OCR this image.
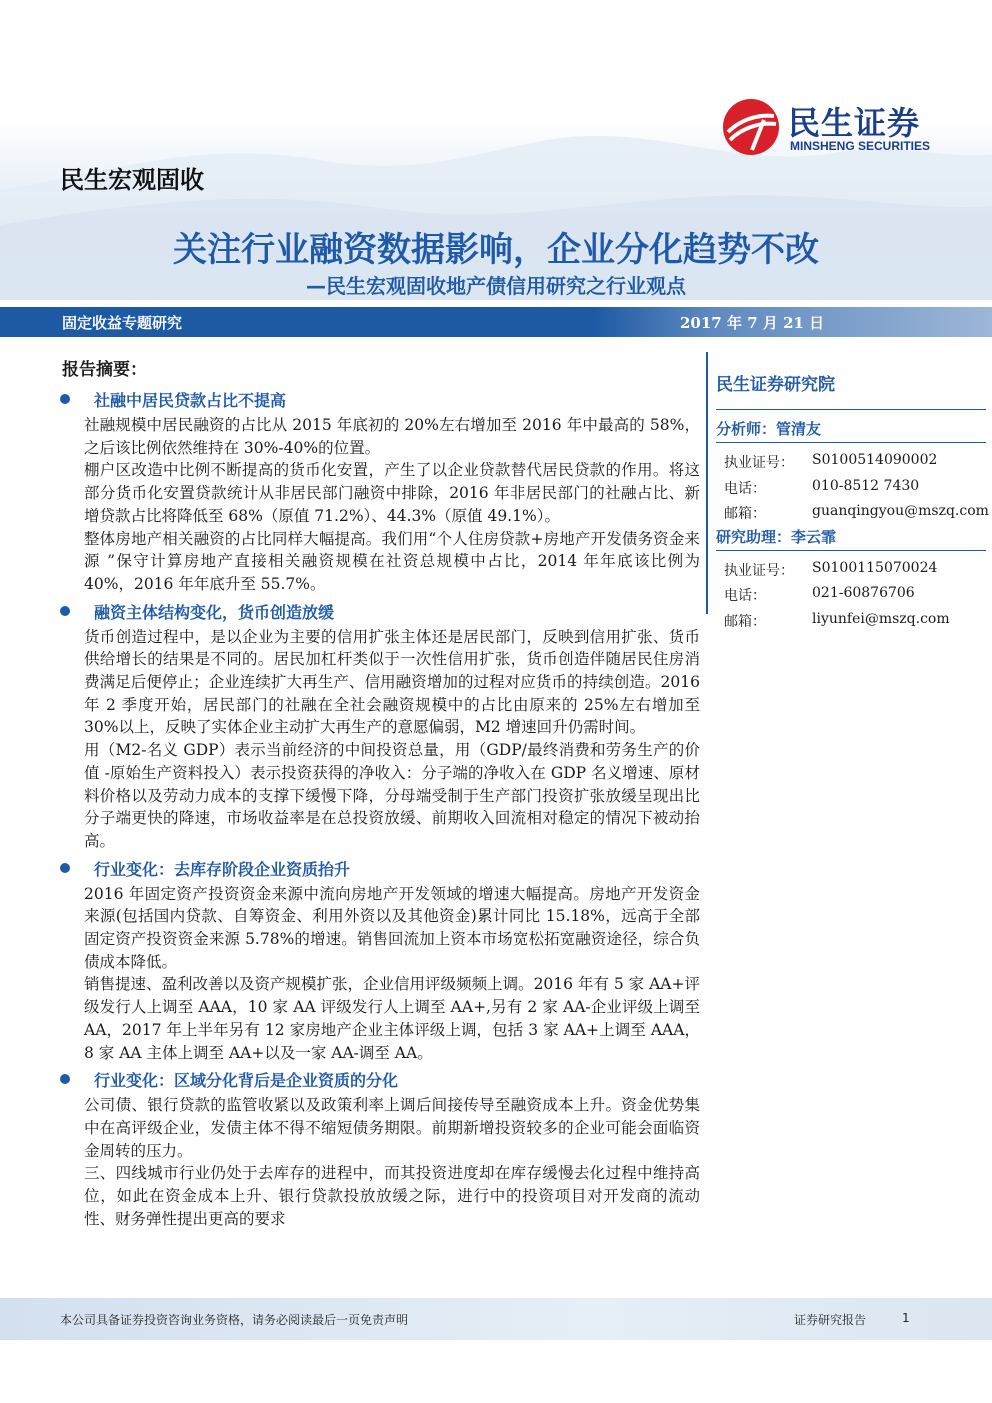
民生证券
MINSHENG SECURITIES
民生宏观固收
关注行业融资数据影响，企业分化趋势不改
—民生宏观固收地产债信用研究之行业观点
固定收益专题研究	2017 年 7 月 21 日
报告摘要：
社融中居民贷款占比不提高

社融规模中居民融资的占比从 2015 年底初的 20%左右增加至 2016 年中最高的 58%，之后该比例依然维持在 30%-40%的位置。

棚户区改造中比例不断提高的货币化安置，产生了以企业贷款替代居民贷款的作用。将这部分货币化安置贷款统计从非居民部门融资中排除，2016 年非居民部门的社融占比、新增贷款占比将降低至 68%（原值 71.2%）、44.3%（原值 49.1%）。

整体房地产相关融资的占比同样大幅提高。我们用“个人住房贷款+房地产开发债务资金来源 ”保守计算房地产直接相关融资规模在社资总规模中占比，2014 年年底该比例为 40%，2016 年年底升至 55.7%。

融资主体结构变化，货币创造放缓

货币创造过程中，是以企业为主要的信用扩张主体还是居民部门，反映到信用扩张、货币供给增长的结果是不同的。居民加杠杆类似于一次性信用扩张，货币创造伴随居民住房消费满足后便停止；企业连续扩大再生产、信用融资增加的过程对应货币的持续创造。2016 年 2 季度开始，居民部门的社融在全社会融资规模中的占比由原来的 25%左右增加至 30%以上，反映了实体企业主动扩大再生产的意愿偏弱，M2 增速回升仍需时间。

用（M2-名义 GDP）表示当前经济的中间投资总量，用（GDP/最终消费和劳务生产的价值 -原始生产资料投入）表示投资获得的净收入：分子端的净收入在 GDP 名义增速、原材料价格以及劳动力成本的支撑下缓慢下降，分母端受制于生产部门投资扩张放缓呈现出比分子端更快的降速，市场收益率是在总投资放缓、前期收入回流相对稳定的情况下被动抬高。

行业变化：去库存阶段企业资质抬升

2016 年固定资产投资资金来源中流向房地产开发领域的增速大幅提高。房地产开发资金来源(包括国内贷款、自筹资金、利用外资以及其他资金)累计同比 15.18%，远高于全部固定资产投资资金来源 5.78%的增速。销售回流加上资本市场宽松拓宽融资途径，综合负债成本降低。

销售提速、盈利改善以及资产规模扩张，企业信用评级频频上调。2016 年有 5 家 AA+评级发行人上调至 AAA，10 家 AA 评级发行人上调至 AA+,另有 2 家 AA-企业评级上调至 AA，2017 年上半年另有 12 家房地产企业主体评级上调，包括 3 家 AA+上调至 AAA，8 家 AA 主体上调至 AA+以及一家 AA-调至 AA。

行业变化：区域分化背后是企业资质的分化

公司债、银行贷款的监管收紧以及政策利率上调后间接传导至融资成本上升。资金优势集中在高评级企业，发债主体不得不缩短债务期限。前期新增投资较多的企业可能会面临资金周转的压力。

三、四线城市行业仍处于去库存的进程中，而其投资进度却在库存缓慢去化过程中维持高位，如此在资金成本上升、银行贷款投放放缓之际，进行中的投资项目对开发商的流动性、财务弹性提出更高的要求

民生证券研究院
分析师：管清友
执业证号： S0100514090002
电话：	010-8512 7430
邮箱：	guanqingyou@mszq.com
研究助理：李云霏
执业证号： S0100115070024
电话：	021-60876706
邮箱：	liyunfei@mszq.com
本公司具备证券投资咨询业务资格，请务必阅读最后一页免责声明	证券研究报告	1
